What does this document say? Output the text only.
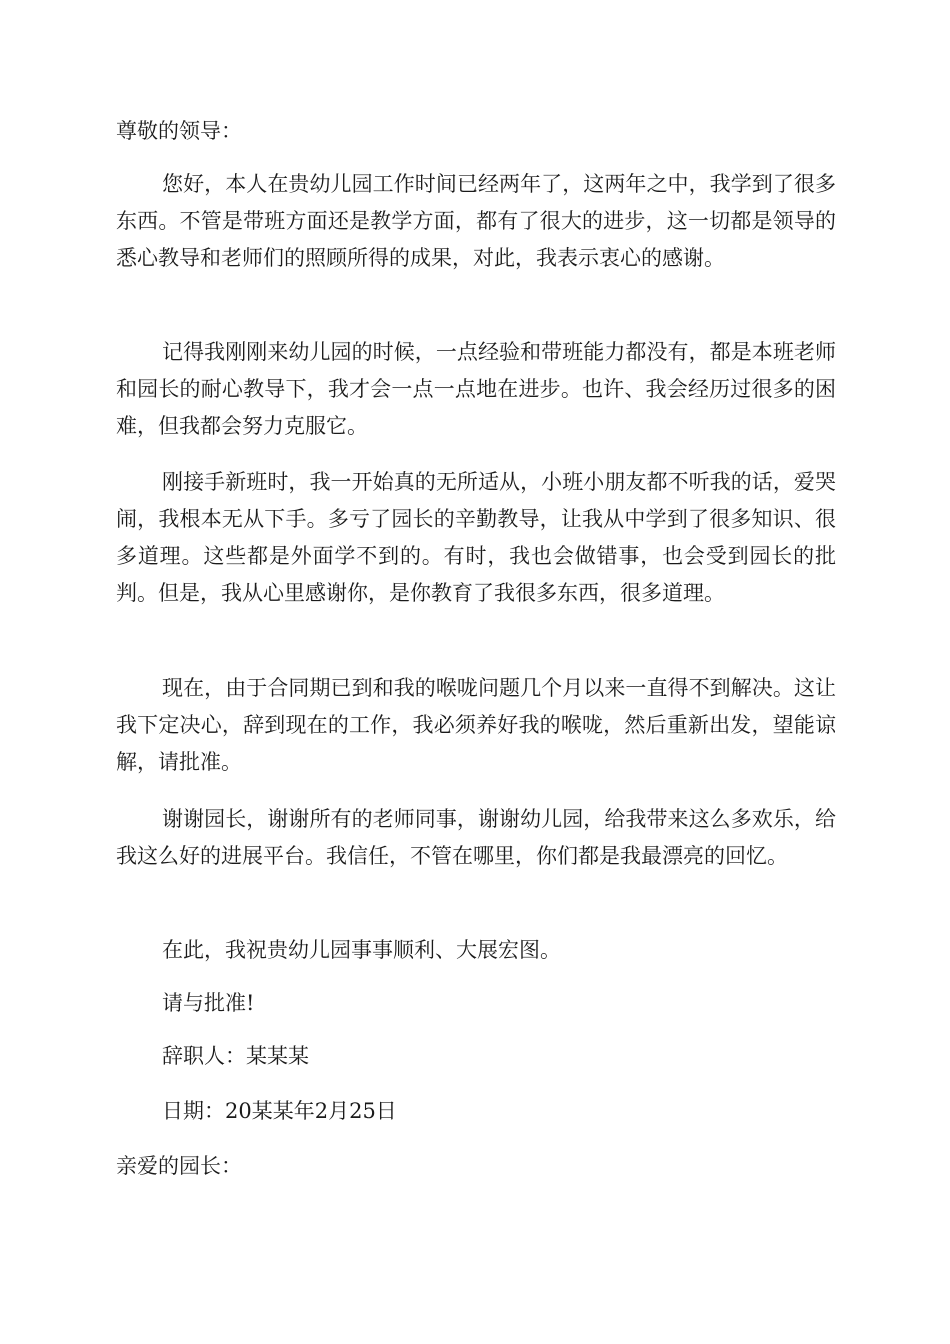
尊敬的领导：

您好，本人在贵幼儿园工作时间已经两年了，这两年之中，我学到了很多东西。不管是带班方面还是教学方面，都有了很大的进步，这一切都是领导的悉心教导和老师们的照顾所得的成果，对此，我表示衷心的感谢。

记得我刚刚来幼儿园的时候，一点经验和带班能力都没有，都是本班老师和园长的耐心教导下，我才会一点一点地在进步。也许、我会经历过很多的困难，但我都会努力克服它。

刚接手新班时，我一开始真的无所适从，小班小朋友都不听我的话，爱哭闹，我根本无从下手。多亏了园长的辛勤教导，让我从中学到了很多知识、很多道理。这些都是外面学不到的。有时，我也会做错事，也会受到园长的批判。但是，我从心里感谢你，是你教育了我很多东西，很多道理。

现在，由于合同期已到和我的喉咙问题几个月以来一直得不到解决。这让我下定决心，辞到现在的工作，我必须养好我的喉咙，然后重新出发，望能谅解，请批准。

谢谢园长，谢谢所有的老师同事，谢谢幼儿园，给我带来这么多欢乐，给我这么好的进展平台。我信任，不管在哪里，你们都是我最漂亮的回忆。

在此，我祝贵幼儿园事事顺利、大展宏图。

请与批准!

辞职人：某某某

日期：20某某年2月25日

亲爱的园长：
